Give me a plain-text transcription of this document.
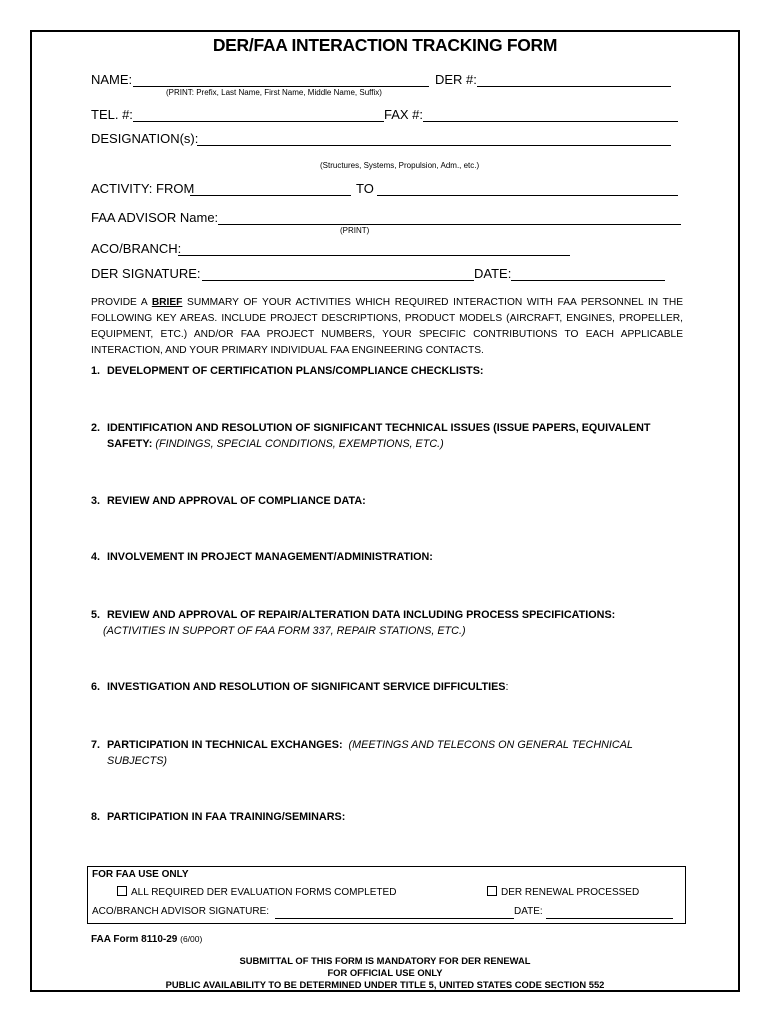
DER/FAA INTERACTION TRACKING FORM
NAME:	DER #:
(PRINT: Prefix, Last Name, First Name, Middle Name, Suffix)
TEL. #:	FAX #:
DESIGNATION(s):
(Structures, Systems, Propulsion, Adm., etc.)
ACTIVITY: FROM	TO
FAA ADVISOR Name:
(PRINT)
ACO/BRANCH:
DER SIGNATURE:	DATE:
PROVIDE A BRIEF SUMMARY OF YOUR ACTIVITIES WHICH REQUIRED INTERACTION WITH FAA PERSONNEL IN THE FOLLOWING KEY AREAS. INCLUDE PROJECT DESCRIPTIONS, PRODUCT MODELS (AIRCRAFT, ENGINES, PROPELLER, EQUIPMENT, ETC.) AND/OR FAA PROJECT NUMBERS, YOUR SPECIFIC CONTRIBUTIONS TO EACH APPLICABLE INTERACTION, AND YOUR PRIMARY INDIVIDUAL FAA ENGINEERING CONTACTS.
1. DEVELOPMENT OF CERTIFICATION PLANS/COMPLIANCE CHECKLISTS:
2. IDENTIFICATION AND RESOLUTION OF SIGNIFICANT TECHNICAL ISSUES (ISSUE PAPERS, EQUIVALENT
SAFETY: (FINDINGS, SPECIAL CONDITIONS, EXEMPTIONS, ETC.)
3. REVIEW AND APPROVAL OF COMPLIANCE DATA:
4. INVOLVEMENT IN PROJECT MANAGEMENT/ADMINISTRATION:
5. REVIEW AND APPROVAL OF REPAIR/ALTERATION DATA INCLUDING PROCESS SPECIFICATIONS:
(ACTIVITIES IN SUPPORT OF FAA FORM 337, REPAIR STATIONS, ETC.)
6. INVESTIGATION AND RESOLUTION OF SIGNIFICANT SERVICE DIFFICULTIES:
7. PARTICIPATION IN TECHNICAL EXCHANGES: (MEETINGS AND TELECONS ON GENERAL TECHNICAL
SUBJECTS)
8. PARTICIPATION IN FAA TRAINING/SEMINARS:
FOR FAA USE ONLY
ALL REQUIRED DER EVALUATION FORMS COMPLETED	DER RENEWAL PROCESSED
ACO/BRANCH ADVISOR SIGNATURE:	DATE:
FAA Form 8110-29 (6/00)
SUBMITTAL OF THIS FORM IS MANDATORY FOR DER RENEWAL
FOR OFFICIAL USE ONLY
PUBLIC AVAILABILITY TO BE DETERMINED UNDER TITLE 5, UNITED STATES CODE SECTION 552
